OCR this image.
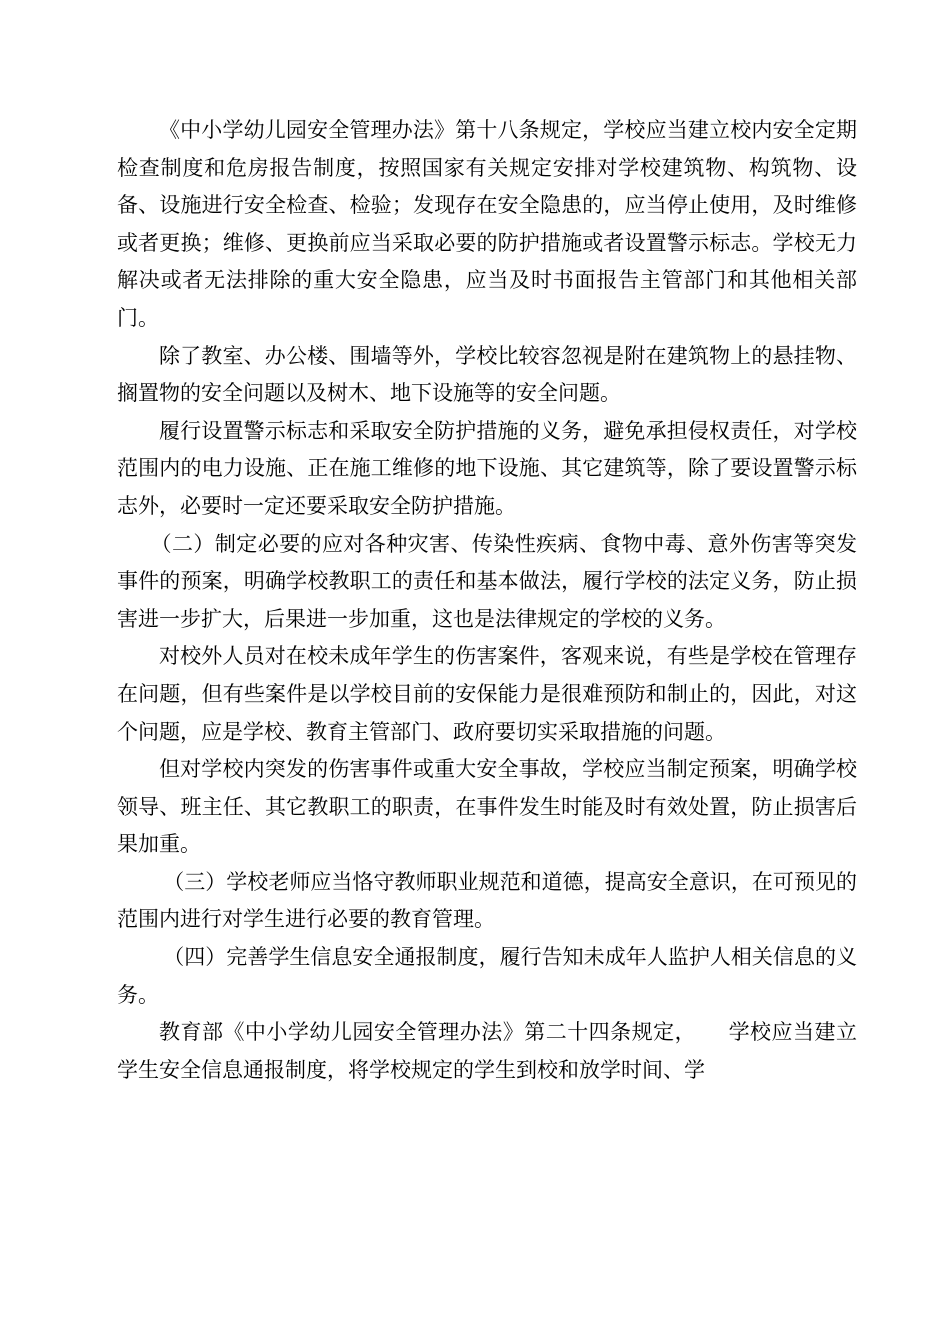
《中小学幼儿园安全管理办法》第十八条规定，学校应当建立校内安全定期检查制度和危房报告制度，按照国家有关规定安排对学校建筑物、构筑物、设备、设施进行安全检查、检验；发现存在安全隐患的，应当停止使用，及时维修或者更换；维修、更换前应当采取必要的防护措施或者设置警示标志。学校无力解决或者无法排除的重大安全隐患，应当及时书面报告主管部门和其他相关部门。

除了教室、办公楼、围墙等外，学校比较容忽视是附在建筑物上的悬挂物、搁置物的安全问题以及树木、地下设施等的安全问题。

履行设置警示标志和采取安全防护措施的义务，避免承担侵权责任，对学校范围内的电力设施、正在施工维修的地下设施、其它建筑等，除了要设置警示标志外，必要时一定还要采取安全防护措施。

（二）制定必要的应对各种灾害、传染性疾病、食物中毒、意外伤害等突发事件的预案，明确学校教职工的责任和基本做法，履行学校的法定义务，防止损害进一步扩大，后果进一步加重，这也是法律规定的学校的义务。

对校外人员对在校未成年学生的伤害案件，客观来说，有些是学校在管理存在问题，但有些案件是以学校目前的安保能力是很难预防和制止的，因此，对这个问题，应是学校、教育主管部门、政府要切实采取措施的问题。

但对学校内突发的伤害事件或重大安全事故，学校应当制定预案，明确学校领导、班主任、其它教职工的职责，在事件发生时能及时有效处置，防止损害后果加重。

（三）学校老师应当恪守教师职业规范和道德，提高安全意识，在可预见的范围内进行对学生进行必要的教育管理。

（四）完善学生信息安全通报制度，履行告知未成年人监护人相关信息的义务。

教育部《中小学幼儿园安全管理办法》第二十四条规定，　　学校应当建立学生安全信息通报制度，将学校规定的学生到校和放学时间、学
